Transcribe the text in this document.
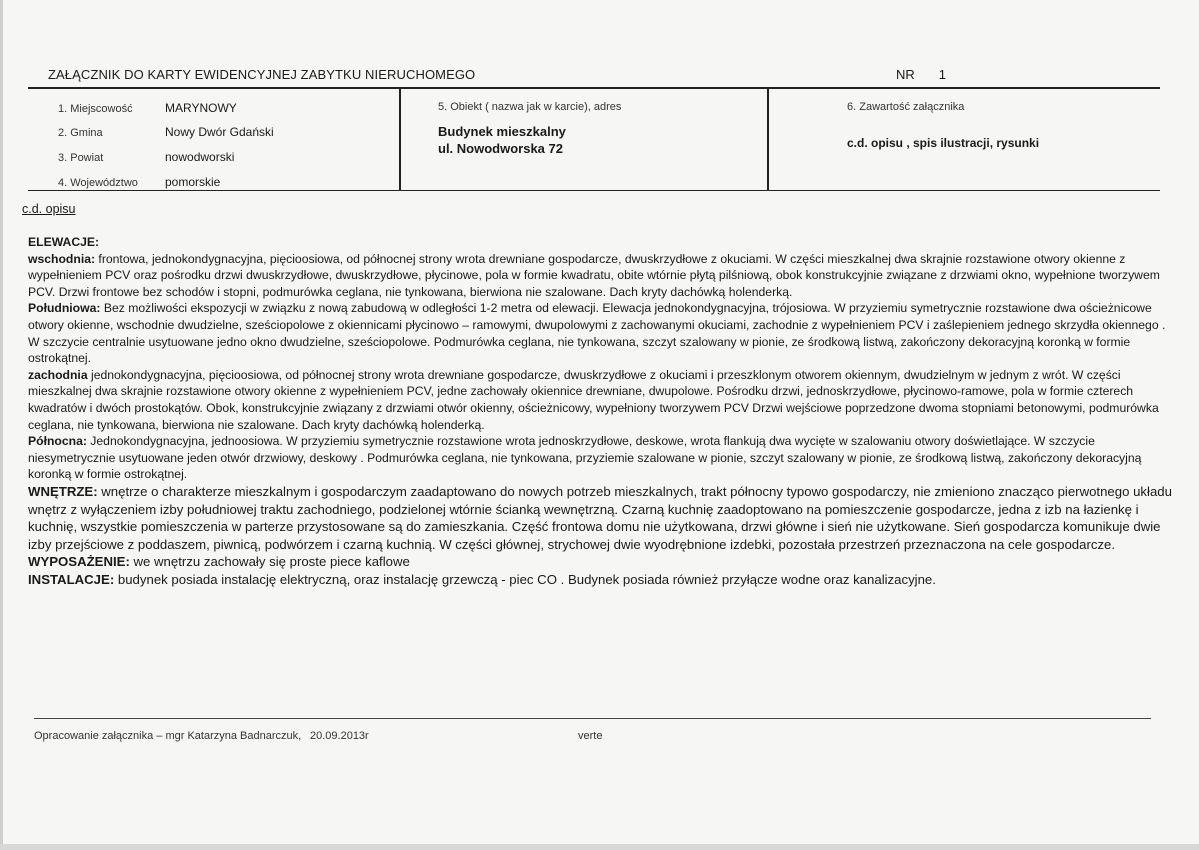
ZAŁĄCZNIK DO KARTY EWIDENCYJNEJ ZABYTKU NIERUCHOMEGO	NR 1
1. Miejscowość	MARYNOWY
2. Gmina	Nowy Dwór Gdański
3. Powiat	nowodworski
4. Województwo pomorskie
5. Obiekt ( nazwa jak w karcie), adres
Budynek mieszkalny
ul. Nowodworska 72
6. Zawartość załącznika
c.d. opisu , spis ilustracji, rysunki
c.d. opisu

ELEWACJE:

wschodnia: frontowa, jednokondygnacyjna, pięcioosiowa, od północnej strony wrota drewniane gospodarcze, dwuskrzydłowe z okuciami. W części mieszkalnej dwa skrajnie rozstawione otwory okienne z wypełnieniem PCV oraz pośrodku drzwi dwuskrzydłowe, dwuskrzydłowe, płycinowe, pola w formie kwadratu, obite wtórnie płytą pilśniową, obok konstrukcyjnie związane z drzwiami okno, wypełnione tworzywem PCV. Drzwi frontowe bez schodów i stopni, podmurówka ceglana, nie tynkowana, bierwiona nie szalowane. Dach kryty dachówką holenderką.

Południowa: Bez możliwości ekspozycji w związku z nową zabudową w odległości 1-2 metra od elewacji. Elewacja jednokondygnacyjna, trójosiowa. W przyziemiu symetrycznie rozstawione dwa ościeżnicowe otwory okienne, wschodnie dwudzielne, sześciopolowe z okiennicami płycinowo – ramowymi, dwupolowymi z zachowanymi okuciami, zachodnie z wypełnieniem PCV i zaślepieniem jednego skrzydła okiennego . W szczycie centralnie usytuowane jedno okno dwudzielne, sześciopolowe. Podmurówka ceglana, nie tynkowana, szczyt szalowany w pionie, ze środkową listwą, zakończony dekoracyjną koronką w formie ostrokątnej.

zachodnia jednokondygnacyjna, pięcioosiowa, od północnej strony wrota drewniane gospodarcze, dwuskrzydłowe z okuciami i przeszklonym otworem okiennym, dwudzielnym w jednym z wrót. W części mieszkalnej dwa skrajnie rozstawione otwory okienne z wypełnieniem PCV, jedne zachowały okiennice drewniane, dwupolowe. Pośrodku drzwi, jednoskrzydłowe, płycinowo-ramowe, pola w formie czterech kwadratów i dwóch prostokątów. Obok, konstrukcyjnie związany z drzwiami otwór okienny, ościeżnicowy, wypełniony tworzywem PCV Drzwi wejściowe poprzedzone dwoma stopniami betonowymi, podmurówka ceglana, nie tynkowana, bierwiona nie szalowane. Dach kryty dachówką holenderką.

Północna: Jednokondygnacyjna, jednoosiowa. W przyziemiu symetrycznie rozstawione wrota jednoskrzydłowe, deskowe, wrota flankują dwa wycięte w szalowaniu otwory doświetlające. W szczycie niesymetrycznie usytuowane jeden otwór drzwiowy, deskowy . Podmurówka ceglana, nie tynkowana, przyziemie szalowane w pionie, szczyt szalowany w pionie, ze środkową listwą, zakończony dekoracyjną koronką w formie ostrokątnej.

WNĘTRZE: wnętrze o charakterze mieszkalnym i gospodarczym zaadaptowano do nowych potrzeb mieszkalnych, trakt północny typowo gospodarczy, nie zmieniono znacząco pierwotnego układu wnętrz z wyłączeniem izby południowej traktu zachodniego, podzielonej wtórnie ścianką wewnętrzną. Czarną kuchnię zaadoptowano na pomieszczenie gospodarcze, jedna z izb na łazienkę i kuchnię, wszystkie pomieszczenia w parterze przystosowane są do zamieszkania. Część frontowa domu nie użytkowana, drzwi główne i sień nie użytkowane. Sień gospodarcza komunikuje dwie izby przejściowe z poddaszem, piwnicą, podwórzem i czarną kuchnią. W części głównej, strychowej dwie wyodrębnione izdebki, pozostała przestrzeń przeznaczona na cele gospodarcze.

WYPOSAŻENIE: we wnętrzu zachowały się proste piece kaflowe

INSTALACJE: budynek posiada instalację elektryczną, oraz instalację grzewczą - piec CO . Budynek posiada również przyłącze wodne oraz kanalizacyjne.

Opracowanie załącznika – mgr Katarzyna Badnarczuk, 20.09.2013r	verte
